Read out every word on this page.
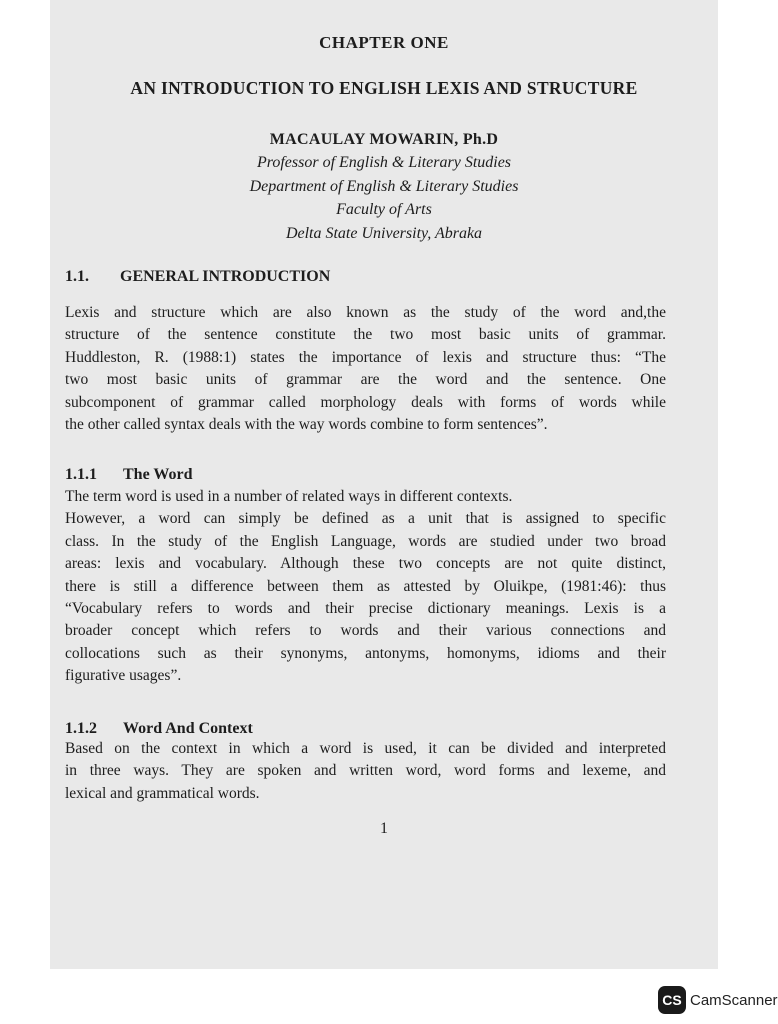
CHAPTER ONE
AN INTRODUCTION TO ENGLISH LEXIS AND STRUCTURE
MACAULAY MOWARIN, Ph.D
Professor of English & Literary Studies
Department of English & Literary Studies
Faculty of Arts
Delta State University, Abraka
1.1. GENERAL INTRODUCTION
Lexis and structure which are also known as the study of the word and,the
structure of the sentence constitute the two most basic units of grammar.
Huddleston, R. (1988:1) states the importance of lexis and structure thus: “The
two most basic units of grammar are the word and the sentence. One
subcomponent of grammar called morphology deals with forms of words while
the other called syntax deals with the way words combine to form sentences”.
1.1.1 The Word
The term word is used in a number of related ways in different contexts.
However, a word can simply be defined as a unit that is assigned to specific
class. In the study of the English Language, words are studied under two broad
areas: lexis and vocabulary. Although these two concepts are not quite distinct,
there is still a difference between them as attested by Oluikpe, (1981:46): thus
“Vocabulary refers to words and their precise dictionary meanings. Lexis is a
broader concept which refers to words and their various connections and
collocations such as their synonyms, antonyms, homonyms, idioms and their
figurative usages”.
1.1.2 Word And Context
Based on the context in which a word is used, it can be divided and interpreted
in three ways. They are spoken and written word, word forms and lexeme, and
lexical and grammatical words.
1
CS CamScanner
